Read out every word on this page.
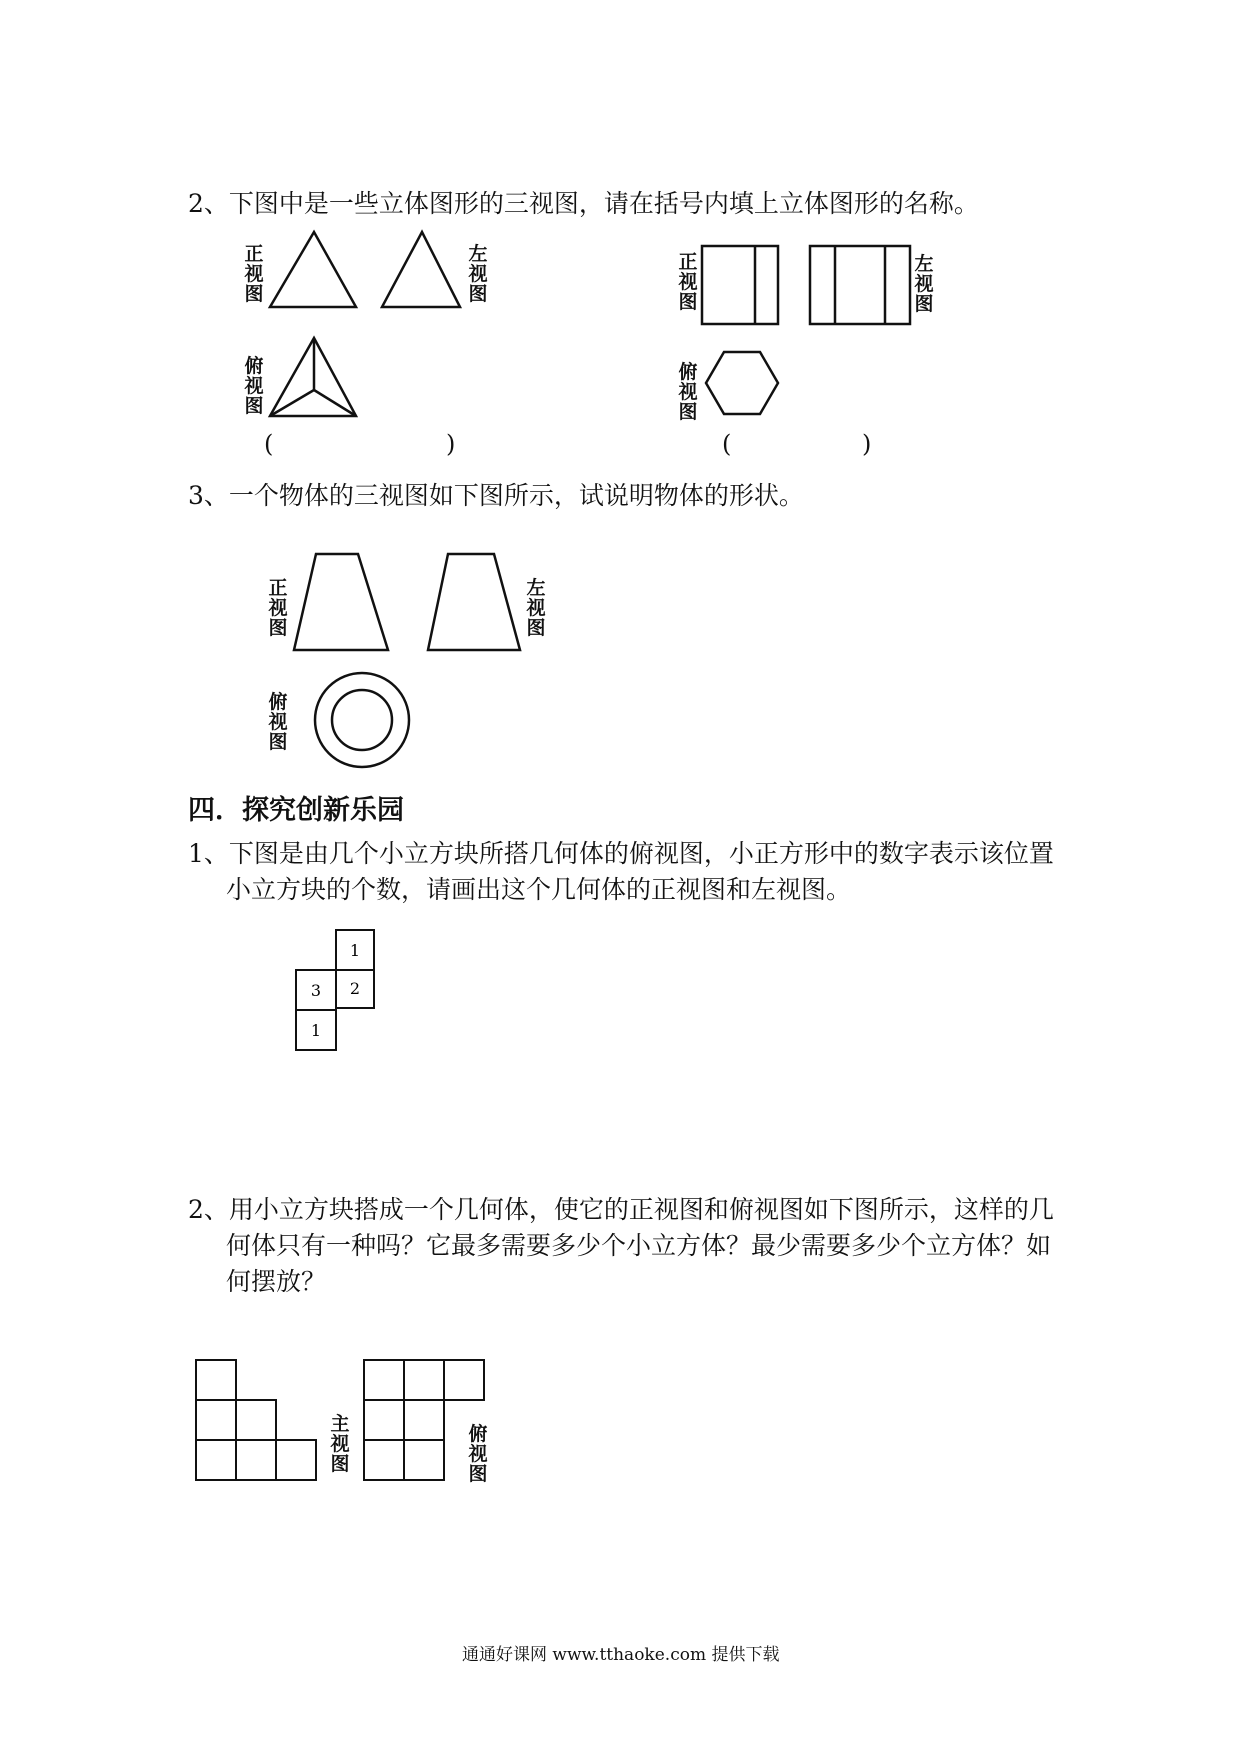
2、下图中是一些立体图形的三视图，请在括号内填上立体图形的名称。
正视图
左视图
俯视图
(	)
正视图
左视图
俯视图
(	)
3、一个物体的三视图如下图所示，试说明物体的形状。
正视图
左视图
俯视图
四．探究创新乐园
1、下图是由几个小立方块所搭几何体的俯视图，小正方形中的数字表示该位置
小立方块的个数，请画出这个几何体的正视图和左视图。
1
3 2
1
2、用小立方块搭成一个几何体，使它的正视图和俯视图如下图所示，这样的几
何体只有一种吗？它最多需要多少个小立方体？最少需要多少个立方体？如
何摆放？
主视图
俯视图
通通好课网 www.tthaoke.com 提供下载
